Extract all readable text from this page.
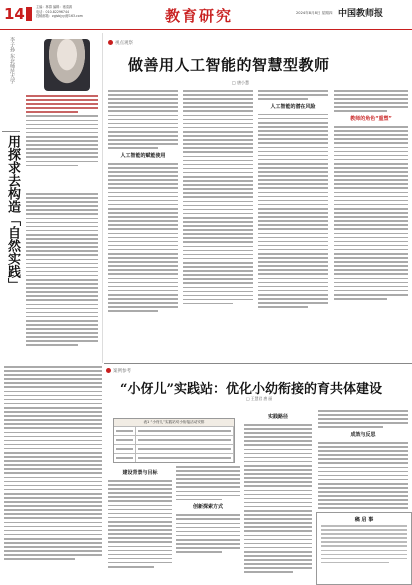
14	主编：林群 编辑：褚清源
电话：010-82296744
投稿邮箱：zgjsbjyyj@163.com	教育研究	2024年8月8日 星期四 中国教师报
李子孙 东北师范大学
用探求去构造「自然实践」
视点观察
做善用人工智能的智慧型教师
□ 唐小慧
人工智能的赋能使用
人工智能的潜在风险
教师的角色“重塑”
案例参考
“小伢儿”实践站：优化小幼衔接的育共体建设
□ 王慧君 唐 丽
表1 “小伢儿”实践站幼小衔接活动安排
建设背景与目标
创新探索方式
实践路径
成效与反思
稿 启 事
